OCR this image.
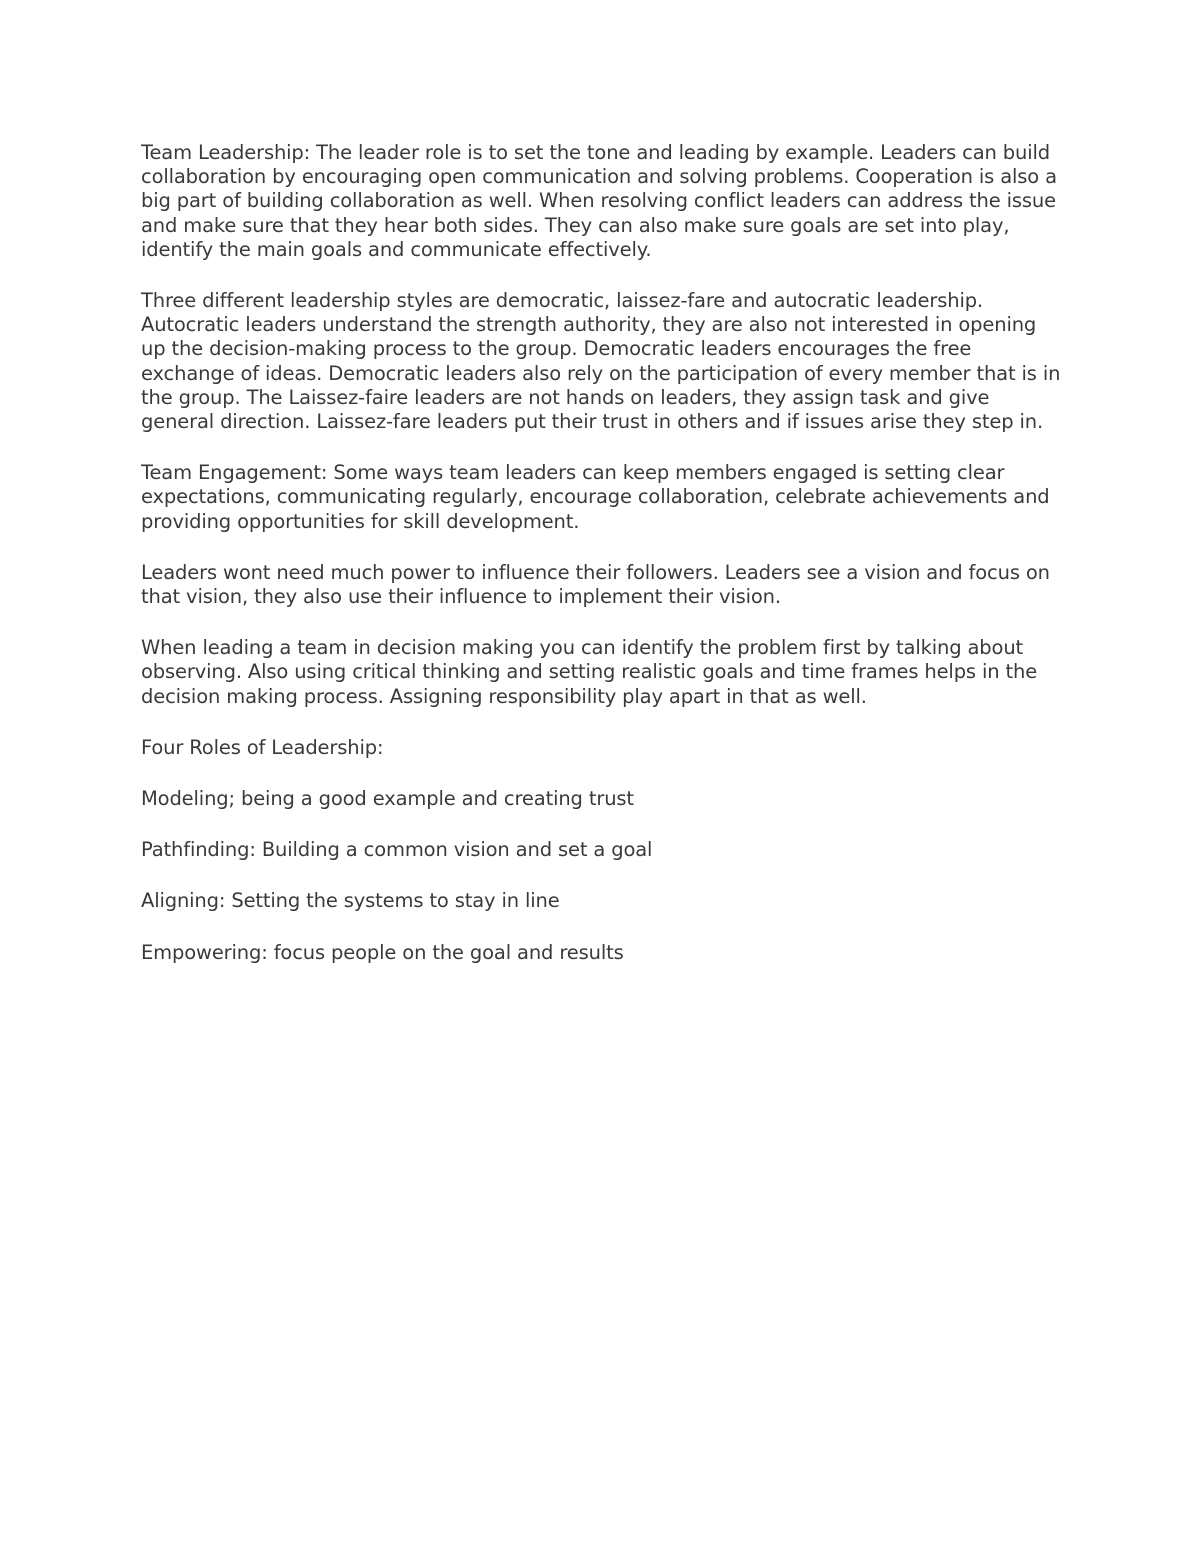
Team Leadership: The leader role is to set the tone and leading by example. Leaders can build collaboration by encouraging open communication and solving problems. Cooperation is also a big part of building collaboration as well. When resolving conflict leaders can address the issue and make sure that they hear both sides. They can also make sure goals are set into play, identify the main goals and communicate effectively.

Three different leadership styles are democratic, laissez-fare and autocratic leadership. Autocratic leaders understand the strength authority, they are also not interested in opening up the decision-making process to the group. Democratic leaders encourages the free exchange of ideas. Democratic leaders also rely on the participation of every member that is in the group. The Laissez-faire leaders are not hands on leaders, they assign task and give general direction. Laissez-fare leaders put their trust in others and if issues arise they step in.

Team Engagement: Some ways team leaders can keep members engaged is setting clear expectations, communicating regularly, encourage collaboration, celebrate achievements and providing opportunities for skill development.

Leaders wont need much power to influence their followers. Leaders see a vision and focus on that vision, they also use their influence to implement their vision.

When leading a team in decision making you can identify the problem first by talking about observing. Also using critical thinking and setting realistic goals and time frames helps in the decision making process. Assigning responsibility play apart in that as well.

Four Roles of Leadership:

Modeling; being a good example and creating trust

Pathfinding: Building a common vision and set a goal

Aligning: Setting the systems to stay in line

Empowering: focus people on the goal and results
